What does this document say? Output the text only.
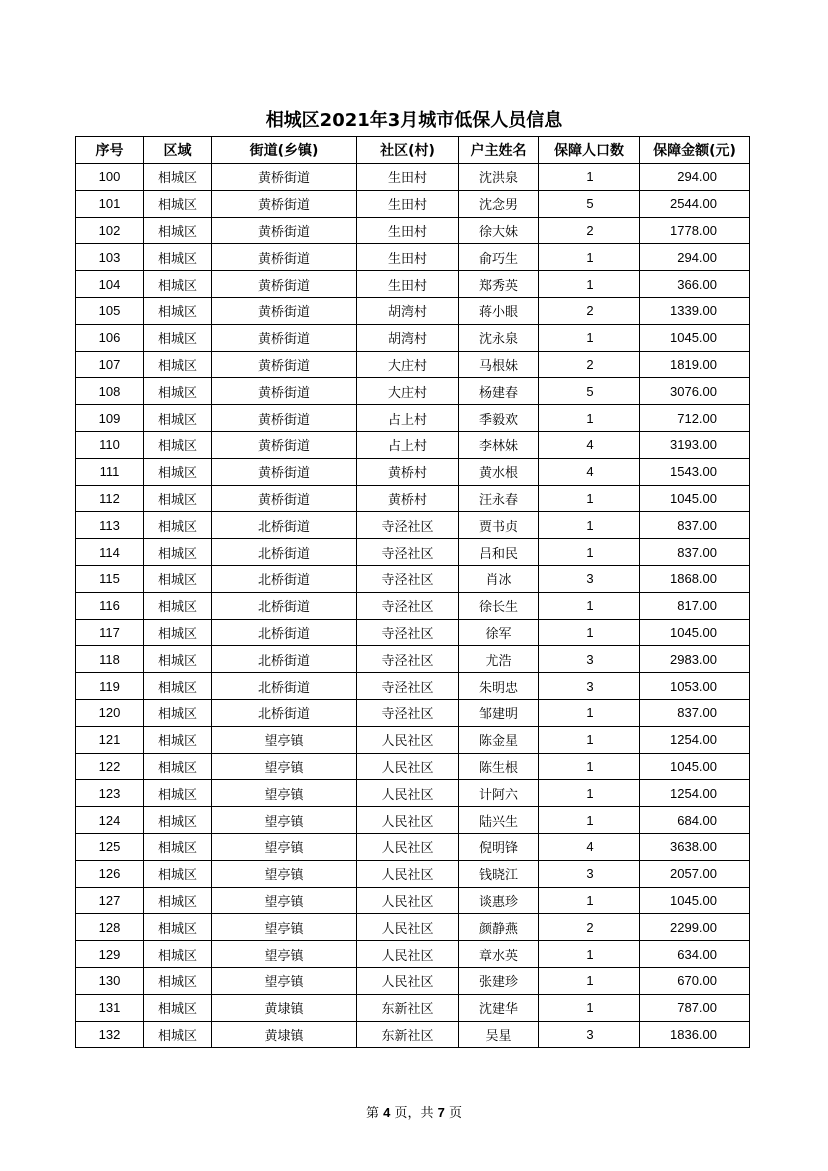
相城区2021年3月城市低保人员信息
序号	区域	街道(乡镇)	社区(村)	户主姓名	保障人口数	保障金额(元)
100	相城区	黄桥街道	生田村	沈洪泉	1	294.00
101	相城区	黄桥街道	生田村	沈念男	5	2544.00
102	相城区	黄桥街道	生田村	徐大妹	2	1778.00
103	相城区	黄桥街道	生田村	俞巧生	1	294.00
104	相城区	黄桥街道	生田村	郑秀英	1	366.00
105	相城区	黄桥街道	胡湾村	蒋小眼	2	1339.00
106	相城区	黄桥街道	胡湾村	沈永泉	1	1045.00
107	相城区	黄桥街道	大庄村	马根妹	2	1819.00
108	相城区	黄桥街道	大庄村	杨建春	5	3076.00
109	相城区	黄桥街道	占上村	季毅欢	1	712.00
110	相城区	黄桥街道	占上村	李林妹	4	3193.00
111	相城区	黄桥街道	黄桥村	黄水根	4	1543.00
112	相城区	黄桥街道	黄桥村	汪永春	1	1045.00
113	相城区	北桥街道	寺泾社区	贾书贞	1	837.00
114	相城区	北桥街道	寺泾社区	吕和民	1	837.00
115	相城区	北桥街道	寺泾社区	肖冰	3	1868.00
116	相城区	北桥街道	寺泾社区	徐长生	1	817.00
117	相城区	北桥街道	寺泾社区	徐军	1	1045.00
118	相城区	北桥街道	寺泾社区	尤浩	3	2983.00
119	相城区	北桥街道	寺泾社区	朱明忠	3	1053.00
120	相城区	北桥街道	寺泾社区	邹建明	1	837.00
121	相城区	望亭镇	人民社区	陈金星	1	1254.00
122	相城区	望亭镇	人民社区	陈生根	1	1045.00
123	相城区	望亭镇	人民社区	计阿六	1	1254.00
124	相城区	望亭镇	人民社区	陆兴生	1	684.00
125	相城区	望亭镇	人民社区	倪明锋	4	3638.00
126	相城区	望亭镇	人民社区	钱晓江	3	2057.00
127	相城区	望亭镇	人民社区	谈惠珍	1	1045.00
128	相城区	望亭镇	人民社区	颜静燕	2	2299.00
129	相城区	望亭镇	人民社区	章水英	1	634.00
130	相城区	望亭镇	人民社区	张建珍	1	670.00
131	相城区	黄埭镇	东新社区	沈建华	1	787.00
132	相城区	黄埭镇	东新社区	吴星	3	1836.00
第 4 页，共 7 页
